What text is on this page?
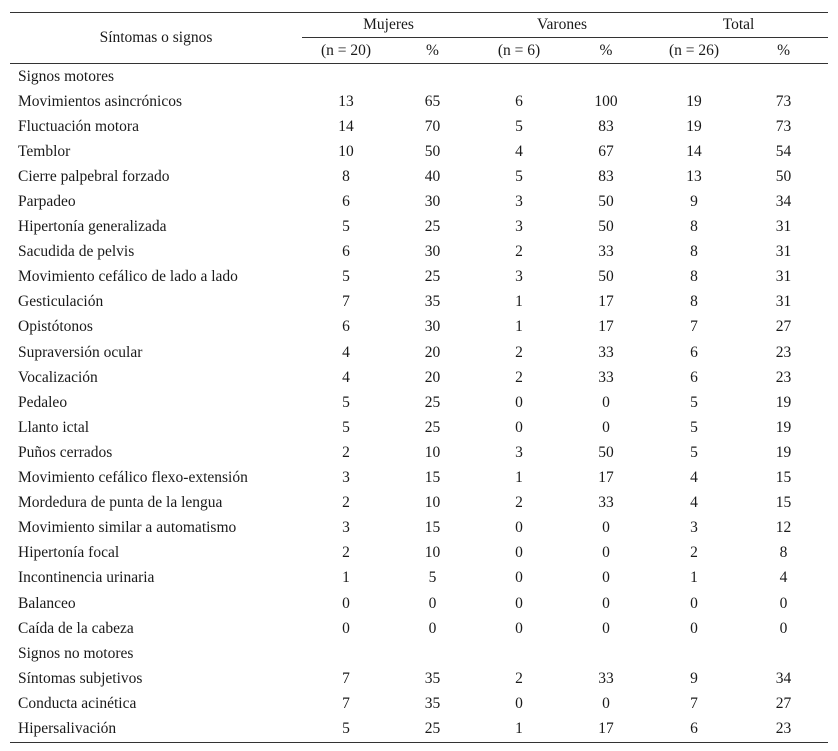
Síntomas o signos	Mujeres		Varones		Total	
	(n = 20)	%	(n = 6)	%	(n = 26)	%
Signos motores						
Movimientos asincrónicos	13	65	6	100	19	73
Fluctuación motora	14	70	5	83	19	73
Temblor	10	50	4	67	14	54
Cierre palpebral forzado	8	40	5	83	13	50
Parpadeo	6	30	3	50	9	34
Hipertonía generalizada	5	25	3	50	8	31
Sacudida de pelvis	6	30	2	33	8	31
Movimiento cefálico de lado a lado	5	25	3	50	8	31
Gesticulación	7	35	1	17	8	31
Opistótonos	6	30	1	17	7	27
Supraversión ocular	4	20	2	33	6	23
Vocalización	4	20	2	33	6	23
Pedaleo	5	25	0	0	5	19
Llanto ictal	5	25	0	0	5	19
Puños cerrados	2	10	3	50	5	19
Movimiento cefálico flexo-extensión	3	15	1	17	4	15
Mordedura de punta de la lengua	2	10	2	33	4	15
Movimiento similar a automatismo	3	15	0	0	3	12
Hipertonía focal	2	10	0	0	2	8
Incontinencia urinaria	1	5	0	0	1	4
Balanceo	0	0	0	0	0	0
Caída de la cabeza	0	0	0	0	0	0
Signos no motores						
Síntomas subjetivos	7	35	2	33	9	34
Conducta acinética	7	35	0	0	7	27
Hipersalivación	5	25	1	17	6	23
